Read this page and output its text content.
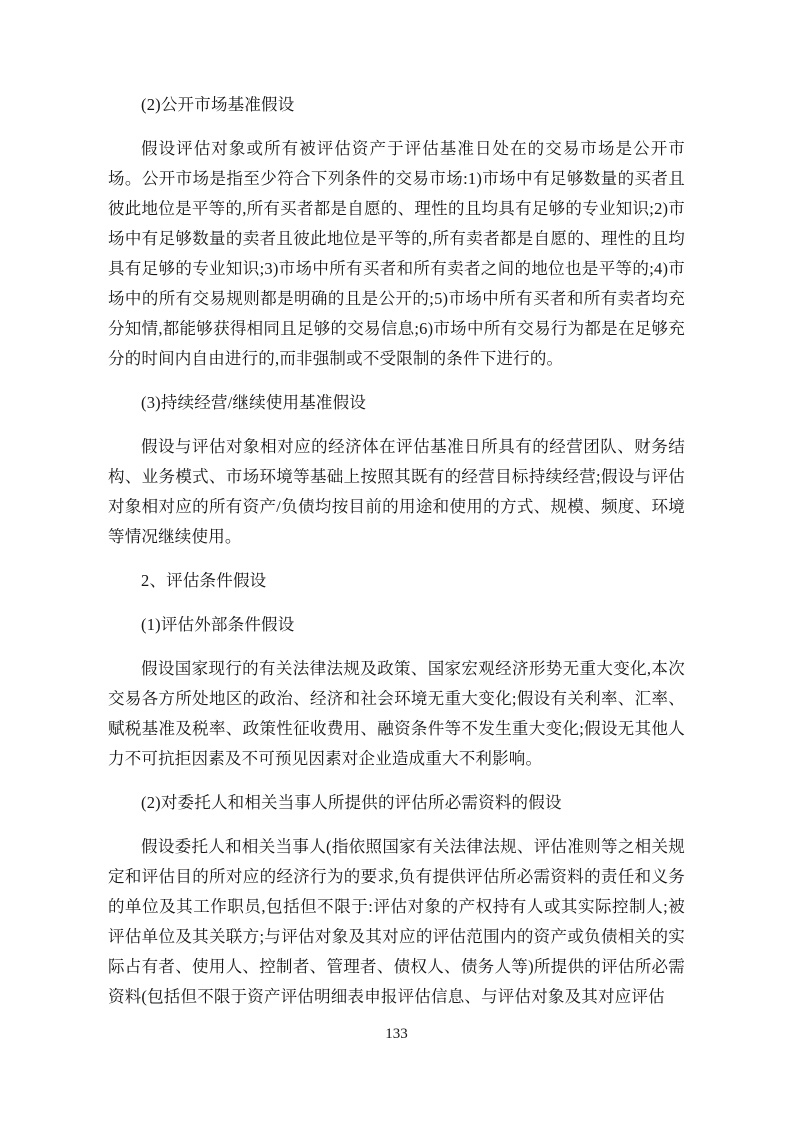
(2)公开市场基准假设
假设评估对象或所有被评估资产于评估基准日处在的交易市场是公开市场。公开市场是指至少符合下列条件的交易市场:1)市场中有足够数量的买者且彼此地位是平等的,所有买者都是自愿的、理性的且均具有足够的专业知识;2)市场中有足够数量的卖者且彼此地位是平等的,所有卖者都是自愿的、理性的且均具有足够的专业知识;3)市场中所有买者和所有卖者之间的地位也是平等的;4)市场中的所有交易规则都是明确的且是公开的;5)市场中所有买者和所有卖者均充分知情,都能够获得相同且足够的交易信息;6)市场中所有交易行为都是在足够充分的时间内自由进行的,而非强制或不受限制的条件下进行的。
(3)持续经营/继续使用基准假设
假设与评估对象相对应的经济体在评估基准日所具有的经营团队、财务结构、业务模式、市场环境等基础上按照其既有的经营目标持续经营;假设与评估对象相对应的所有资产/负债均按目前的用途和使用的方式、规模、频度、环境等情况继续使用。
2、评估条件假设
(1)评估外部条件假设
假设国家现行的有关法律法规及政策、国家宏观经济形势无重大变化,本次交易各方所处地区的政治、经济和社会环境无重大变化;假设有关利率、汇率、赋税基准及税率、政策性征收费用、融资条件等不发生重大变化;假设无其他人力不可抗拒因素及不可预见因素对企业造成重大不利影响。
(2)对委托人和相关当事人所提供的评估所必需资料的假设
假设委托人和相关当事人(指依照国家有关法律法规、评估准则等之相关规定和评估目的所对应的经济行为的要求,负有提供评估所必需资料的责任和义务的单位及其工作职员,包括但不限于:评估对象的产权持有人或其实际控制人;被评估单位及其关联方;与评估对象及其对应的评估范围内的资产或负债相关的实际占有者、使用人、控制者、管理者、债权人、债务人等)所提供的评估所必需资料(包括但不限于资产评估明细表申报评估信息、与评估对象及其对应评估
133
